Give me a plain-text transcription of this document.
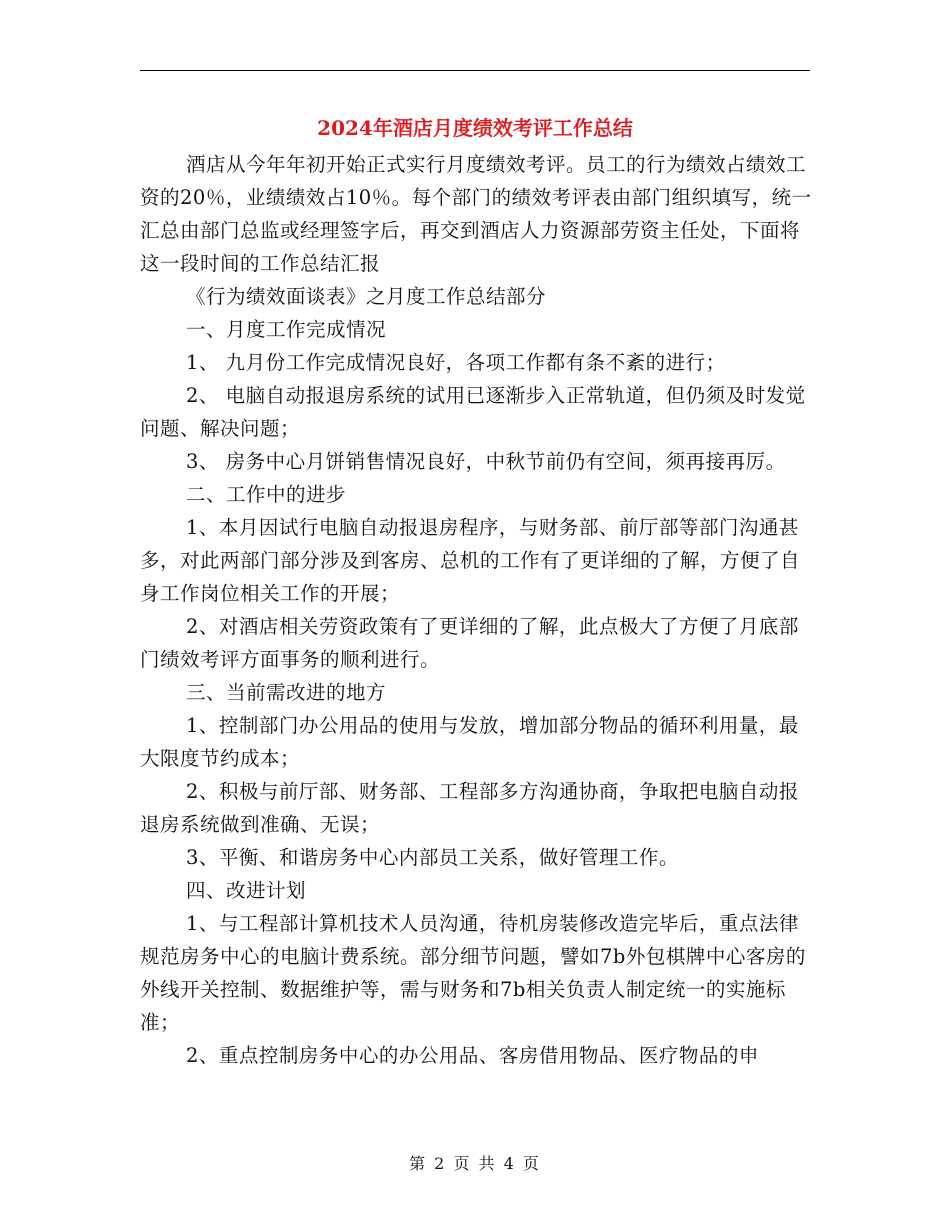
2024年酒店月度绩效考评工作总结

酒店从今年年初开始正式实行月度绩效考评。员工的行为绩效占绩效工资的20％，业绩绩效占10％。每个部门的绩效考评表由部门组织填写，统一汇总由部门总监或经理签字后，再交到酒店人力资源部劳资主任处，下面将这一段时间的工作总结汇报

《行为绩效面谈表》之月度工作总结部分

一、月度工作完成情况

1、 九月份工作完成情况良好，各项工作都有条不紊的进行；

2、 电脑自动报退房系统的试用已逐渐步入正常轨道，但仍须及时发觉问题、解决问题；

3、 房务中心月饼销售情况良好，中秋节前仍有空间，须再接再厉。

二、工作中的进步

1、本月因试行电脑自动报退房程序，与财务部、前厅部等部门沟通甚多，对此两部门部分涉及到客房、总机的工作有了更详细的了解，方便了自身工作岗位相关工作的开展；

2、对酒店相关劳资政策有了更详细的了解，此点极大了方便了月底部门绩效考评方面事务的顺利进行。

三、当前需改进的地方

1、控制部门办公用品的使用与发放，增加部分物品的循环利用量，最大限度节约成本；

2、积极与前厅部、财务部、工程部多方沟通协商，争取把电脑自动报退房系统做到准确、无误；

3、平衡、和谐房务中心内部员工关系，做好管理工作。

四、改进计划

1、与工程部计算机技术人员沟通，待机房装修改造完毕后，重点法律规范房务中心的电脑计费系统。部分细节问题，譬如7b外包棋牌中心客房的外线开关控制、数据维护等，需与财务和7b相关负责人制定统一的实施标准；

2、重点控制房务中心的办公用品、客房借用物品、医疗物品的申

第 2 页 共 4 页
